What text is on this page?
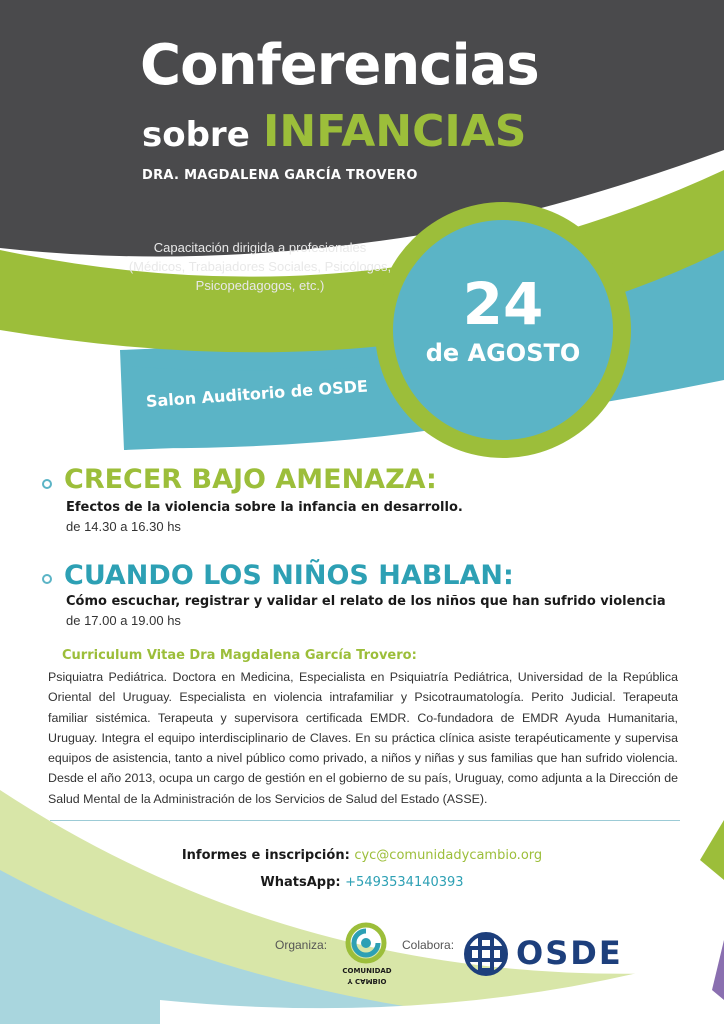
Conferencias
sobre INFANCIAS
DRA. MAGDALENA GARCÍA TROVERO
Capacitación dirigida a profesionales
(Médicos, Trabajadores Sociales, Psicólogos,
Psicopedagogos, etc.)	24
de AGOSTO
Salon Auditorio de OSDE
CRECER BAJO AMENAZA:
Efectos de la violencia sobre la infancia en desarrollo.
de 14.30 a 16.30 hs
CUANDO LOS NIÑOS HABLAN:
Cómo escuchar, registrar y validar el relato de los niños que han sufrido violencia
de 17.00 a 19.00 hs
Curriculum Vitae Dra Magdalena García Trovero:
Psiquiatra Pediátrica. Doctora en Medicina, Especialista en Psiquiatría Pediátrica, Universidad de la República Oriental del Uruguay. Especialista en violencia intrafamiliar y Psicotraumatología. Perito Judicial. Terapeuta familiar sistémica. Terapeuta y supervisora certificada EMDR. Co-fundadora de EMDR Ayuda Humanitaria, Uruguay. Integra el equipo interdisciplinario de Claves. En su práctica clínica asiste terapéuticamente y supervisa equipos de asistencia, tanto a nivel público como privado, a niños y niñas y sus familias que han sufrido violencia. Desde el año 2013, ocupa un cargo de gestión en el gobierno de su país, Uruguay, como adjunta a la Dirección de Salud Mental de la Administración de los Servicios de Salud del Estado (ASSE).
Informes e inscripción: cyc@comunidadycambio.org
WhatsApp: +5493534140393
Organiza:
COMUNIDAD
Y CAMBIO
Colabora: OSDE
